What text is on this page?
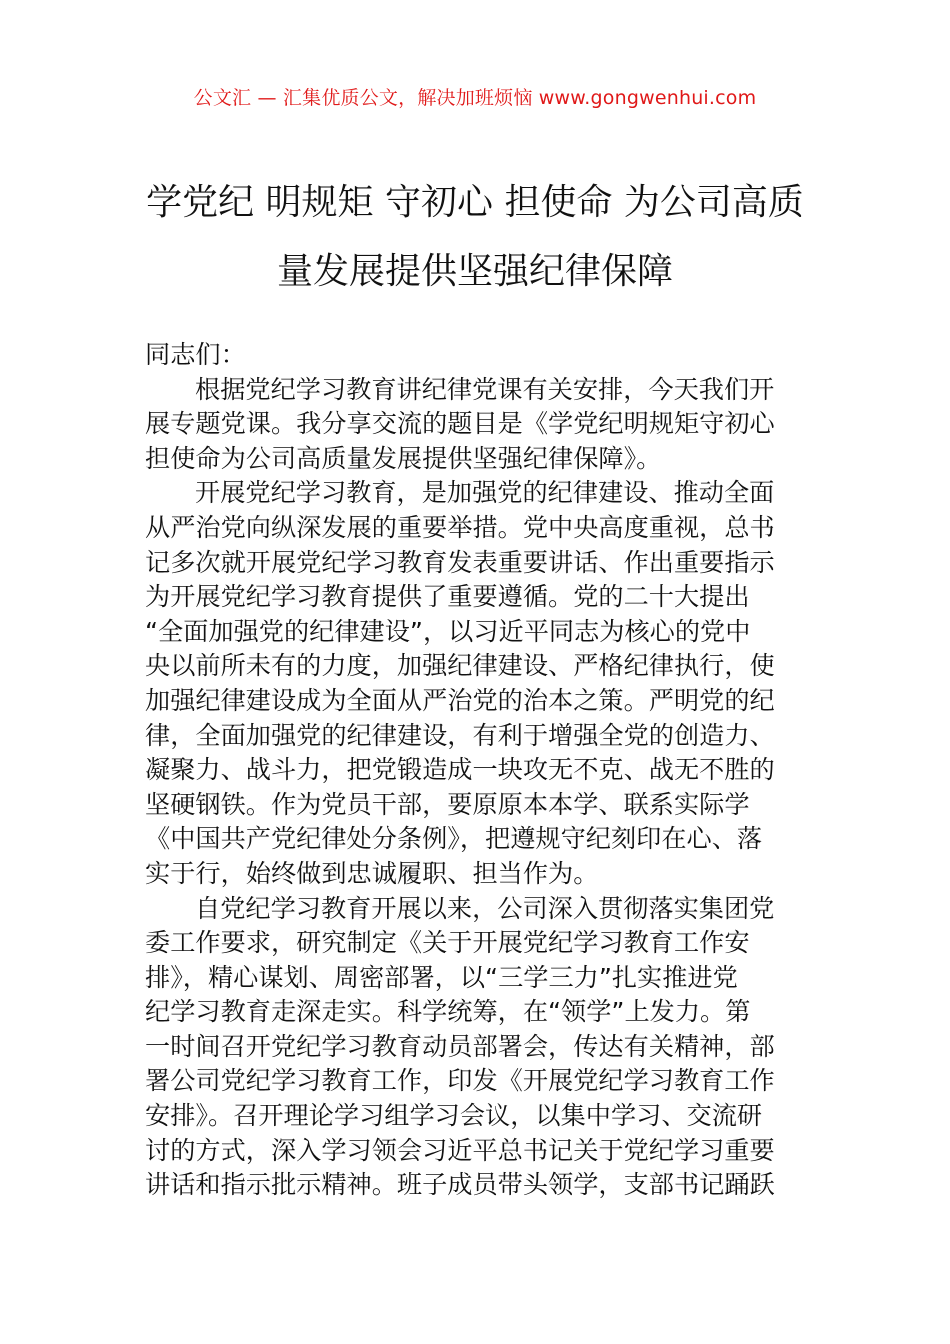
公文汇 — 汇集优质公文，解决加班烦恼 www.gongwenhui.com
学党纪 明规矩 守初心 担使命 为公司高质
量发展提供坚强纪律保障
同志们：
根据党纪学习教育讲纪律党课有关安排，今天我们开
展专题党课。我分享交流的题目是《学党纪明规矩守初心
担使命为公司高质量发展提供坚强纪律保障》。
开展党纪学习教育，是加强党的纪律建设、推动全面
从严治党向纵深发展的重要举措。党中央高度重视，总书
记多次就开展党纪学习教育发表重要讲话、作出重要指示
为开展党纪学习教育提供了重要遵循。党的二十大提出
“全面加强党的纪律建设”，以习近平同志为核心的党中
央以前所未有的力度，加强纪律建设、严格纪律执行，使
加强纪律建设成为全面从严治党的治本之策。严明党的纪
律，全面加强党的纪律建设，有利于增强全党的创造力、
凝聚力、战斗力，把党锻造成一块攻无不克、战无不胜的
坚硬钢铁。作为党员干部，要原原本本学、联系实际学
《中国共产党纪律处分条例》，把遵规守纪刻印在心、落
实于行，始终做到忠诚履职、担当作为。
自党纪学习教育开展以来，公司深入贯彻落实集团党
委工作要求，研究制定《关于开展党纪学习教育工作安
排》，精心谋划、周密部署，以“三学三力”扎实推进党
纪学习教育走深走实。科学统筹，在“领学”上发力。第
一时间召开党纪学习教育动员部署会，传达有关精神，部
署公司党纪学习教育工作，印发《开展党纪学习教育工作
安排》。召开理论学习组学习会议，以集中学习、交流研
讨的方式，深入学习领会习近平总书记关于党纪学习重要
讲话和指示批示精神。班子成员带头领学，支部书记踊跃
